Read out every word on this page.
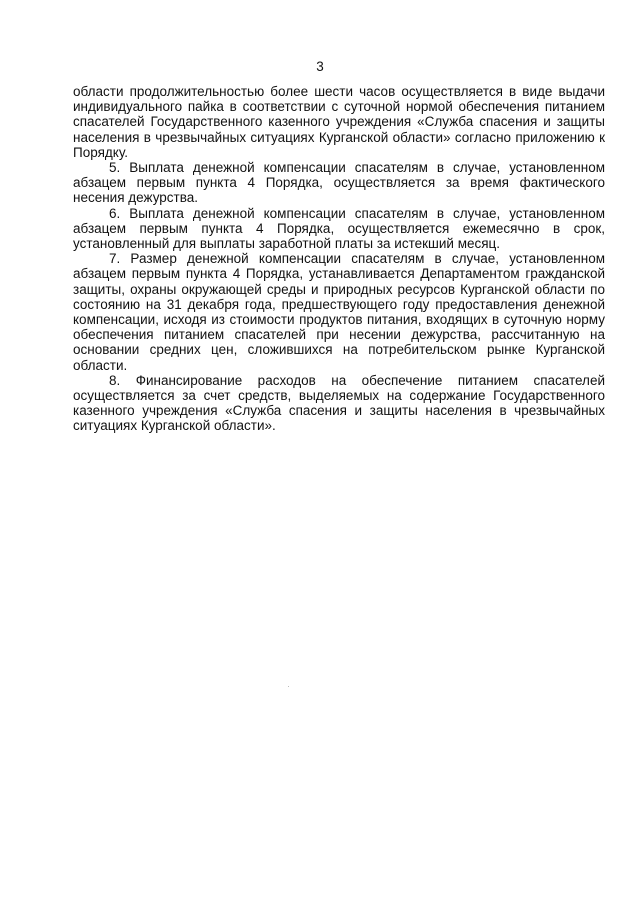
3

области продолжительностью более шести часов осуществляется в виде выдачи индивидуального пайка в соответствии с суточной нормой обеспечения питанием спасателей Государственного казенного учреждения «Служба спасения и защиты населения в чрезвычайных ситуациях Курганской области» согласно приложению к Порядку.

5. Выплата денежной компенсации спасателям в случае, установленном абзацем первым пункта 4 Порядка, осуществляется за время фактического несения дежурства.

6. Выплата денежной компенсации спасателям в случае, установленном абзацем первым пункта 4 Порядка, осуществляется ежемесячно в срок, установленный для выплаты заработной платы за истекший месяц.

7. Размер денежной компенсации спасателям в случае, установленном абзацем первым пункта 4 Порядка, устанавливается Департаментом гражданской защиты, охраны окружающей среды и природных ресурсов Курганской области по состоянию на 31 декабря года, предшествующего году предоставления денежной компенсации, исходя из стоимости продуктов питания, входящих в суточную норму обеспечения питанием спасателей при несении дежурства, рассчитанную на основании средних цен, сложившихся на потребительском рынке Курганской области.

8. Финансирование расходов на обеспечение питанием спасателей осуществляется за счет средств, выделяемых на содержание Государственного казенного учреждения «Служба спасения и защиты населения в чрезвычайных ситуациях Курганской области».
